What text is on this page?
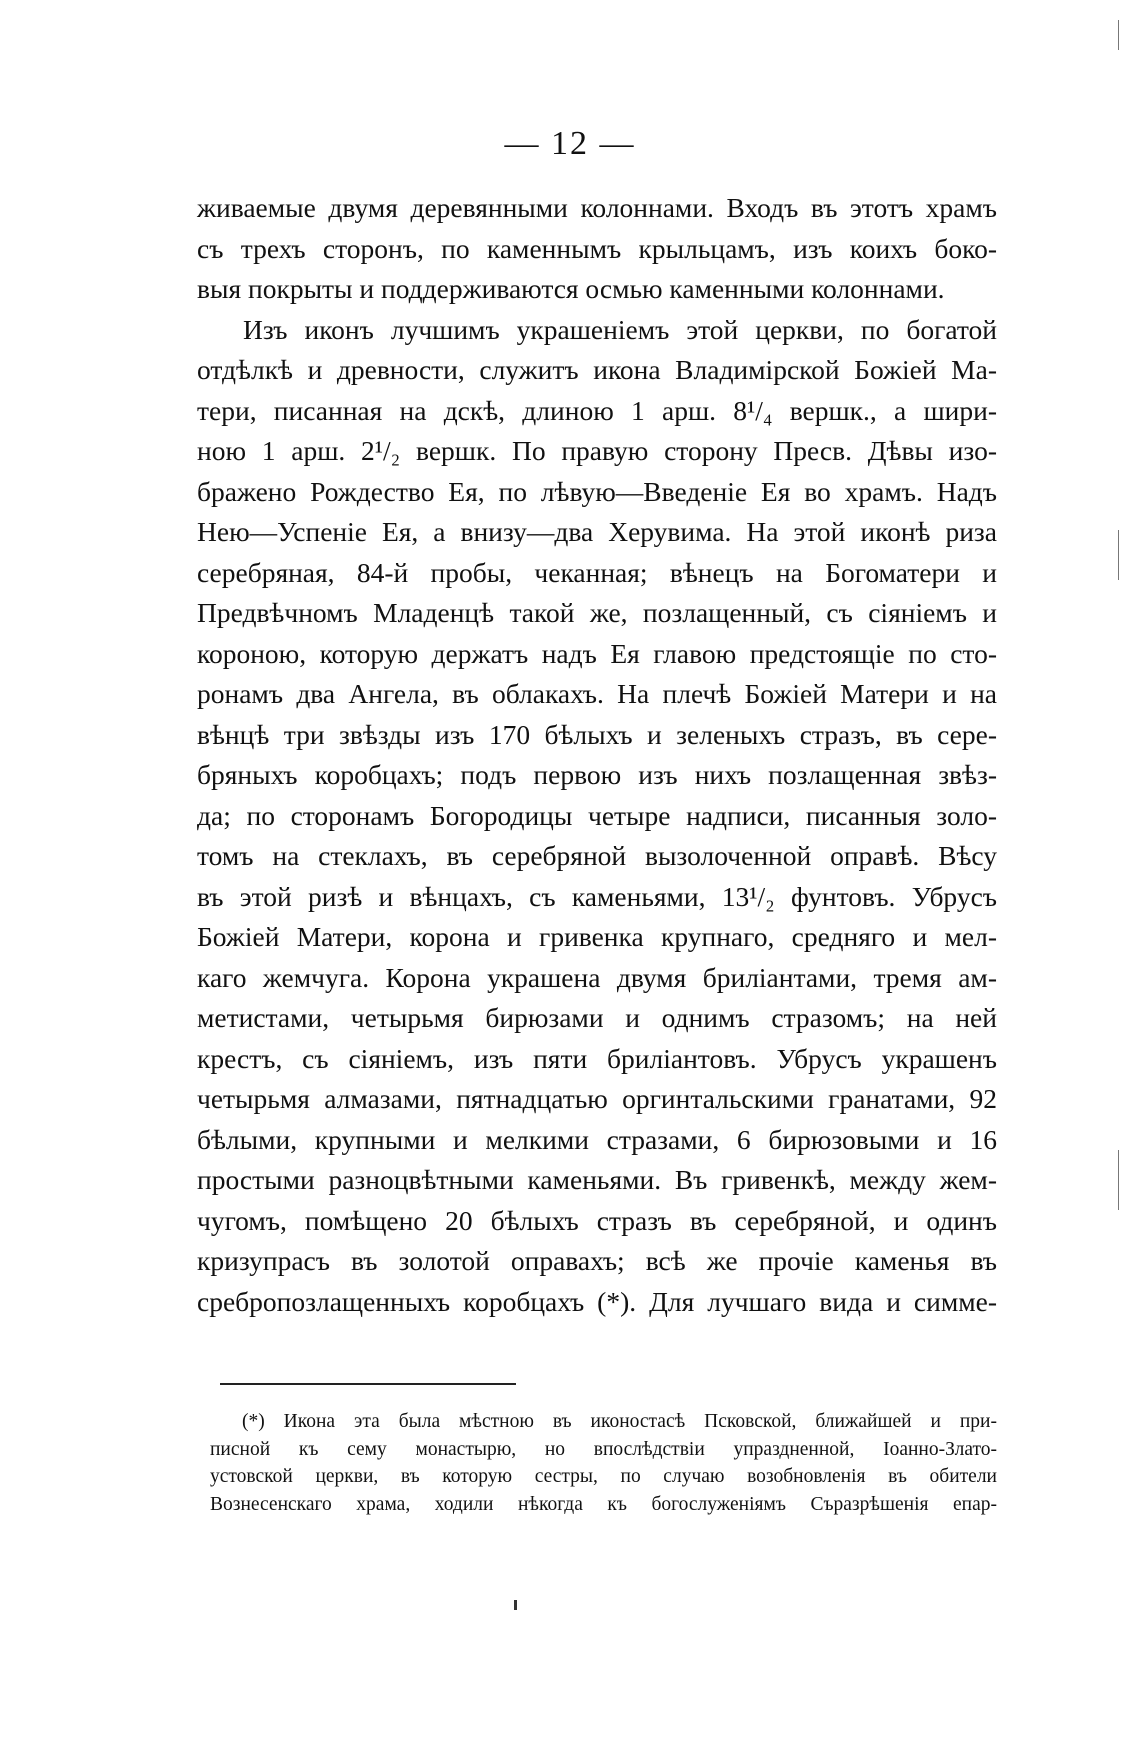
— 12 —
живаемые двумя деревянными колоннами. Входъ въ этотъ храмъ
съ трехъ сторонъ, по каменнымъ крыльцамъ, изъ коихъ боко-
выя покрыты и поддерживаются осмью каменными колоннами.
Изъ иконъ лучшимъ украшеніемъ этой церкви, по богатой
отдѣлкѣ и древности, служитъ икона Владимірской Божіей Ма-
тери, писанная на дскѣ, длиною 1 арш. 8¹/₄ вершк., а шири-
ною 1 арш. 2¹/₂ вершк. По правую сторону Пресв. Дѣвы изо-
бражено Рождество Ея, по лѣвую—Введеніе Ея во храмъ. Надъ
Нею—Успеніе Ея, а внизу—два Херувима. На этой иконѣ риза
серебряная, 84-й пробы, чеканная; вѣнецъ на Богоматери и
Предвѣчномъ Младенцѣ такой же, позлащенный, съ сіяніемъ и
короною, которую держатъ надъ Ея главою предстоящіе по сто-
ронамъ два Ангела, въ облакахъ. На плечѣ Божіей Матери и на
вѣнцѣ три звѣзды изъ 170 бѣлыхъ и зеленыхъ стразъ, въ сере-
бряныхъ коробцахъ; подъ первою изъ нихъ позлащенная звѣз-
да; по сторонамъ Богородицы четыре надписи, писанныя золо-
томъ на стеклахъ, въ серебряной вызолоченной оправѣ. Вѣсу
въ этой ризѣ и вѣнцахъ, съ каменьями, 13¹/₂ фунтовъ. Убрусъ
Божіей Матери, корона и гривенка крупнаго, средняго и мел-
каго жемчуга. Корона украшена двумя бриліантами, тремя ам-
метистами, четырьмя бирюзами и однимъ стразомъ; на ней
крестъ, съ сіяніемъ, изъ пяти бриліантовъ. Убрусъ украшенъ
четырьмя алмазами, пятнадцатью оргинтальскими гранатами, 92
бѣлыми, крупными и мелкими стразами, 6 бирюзовыми и 16
простыми разноцвѣтными каменьями. Въ гривенкѣ, между жем-
чугомъ, помѣщено 20 бѣлыхъ стразъ въ серебряной, и одинъ
кризупрасъ въ золотой оправахъ; всѣ же прочіе каменья въ
сребропозлащенныхъ коробцахъ (*). Для лучшаго вида и симме-
(*) Икона эта была мѣстною въ иконостасѣ Псковской, ближайшей и при-
писной къ сему монастырю, но впослѣдствіи упраздненной, Іоанно-Злато-
устовской церкви, въ которую сестры, по случаю возобновленія въ обители
Вознесенскаго храма, ходили нѣкогда къ богослуженіямъ Съразрѣшенія епар-
